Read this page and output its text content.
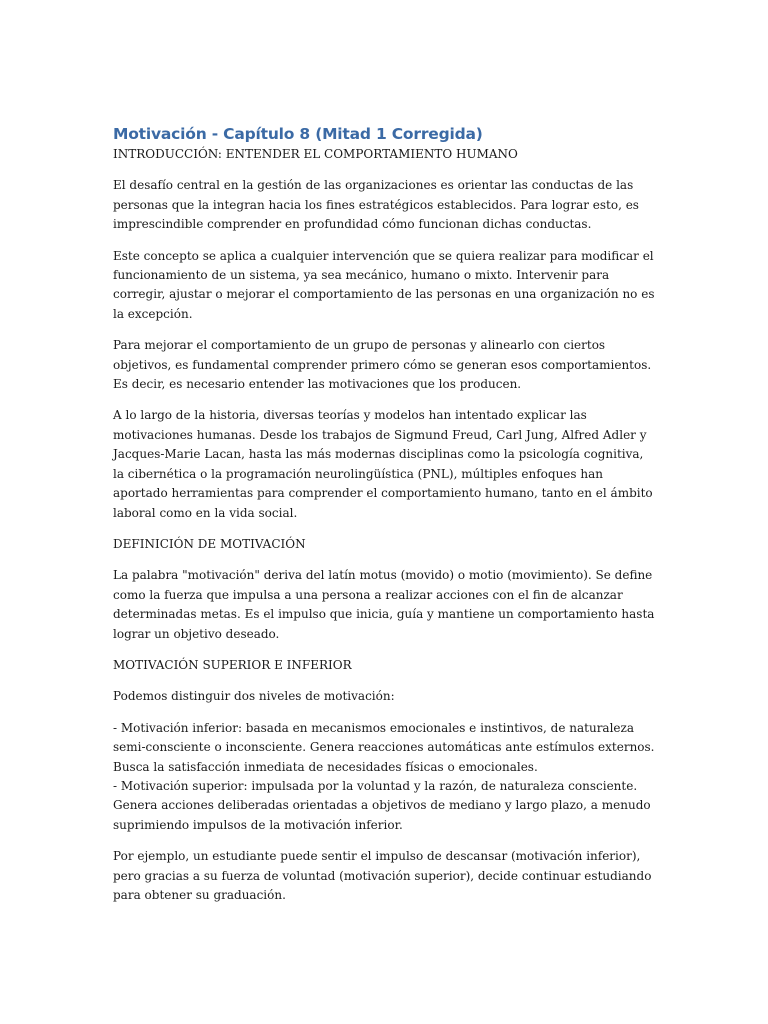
Motivación - Capítulo 8 (Mitad 1 Corregida)
INTRODUCCIÓN: ENTENDER EL COMPORTAMIENTO HUMANO

El desafío central en la gestión de las organizaciones es orientar las conductas de las personas que la integran hacia los fines estratégicos establecidos. Para lograr esto, es imprescindible comprender en profundidad cómo funcionan dichas conductas.

Este concepto se aplica a cualquier intervención que se quiera realizar para modificar el funcionamiento de un sistema, ya sea mecánico, humano o mixto. Intervenir para corregir, ajustar o mejorar el comportamiento de las personas en una organización no es la excepción.

Para mejorar el comportamiento de un grupo de personas y alinearlo con ciertos objetivos, es fundamental comprender primero cómo se generan esos comportamientos. Es decir, es necesario entender las motivaciones que los producen.

A lo largo de la historia, diversas teorías y modelos han intentado explicar las motivaciones humanas. Desde los trabajos de Sigmund Freud, Carl Jung, Alfred Adler y Jacques-Marie Lacan, hasta las más modernas disciplinas como la psicología cognitiva, la cibernética o la programación neurolingüística (PNL), múltiples enfoques han aportado herramientas para comprender el comportamiento humano, tanto en el ámbito laboral como en la vida social.

DEFINICIÓN DE MOTIVACIÓN

La palabra "motivación" deriva del latín motus (movido) o motio (movimiento). Se define como la fuerza que impulsa a una persona a realizar acciones con el fin de alcanzar determinadas metas. Es el impulso que inicia, guía y mantiene un comportamiento hasta lograr un objetivo deseado.

MOTIVACIÓN SUPERIOR E INFERIOR

Podemos distinguir dos niveles de motivación:

- Motivación inferior: basada en mecanismos emocionales e instintivos, de naturaleza semi-consciente o inconsciente. Genera reacciones automáticas ante estímulos externos. Busca la satisfacción inmediata de necesidades físicas o emocionales.
- Motivación superior: impulsada por la voluntad y la razón, de naturaleza consciente. Genera acciones deliberadas orientadas a objetivos de mediano y largo plazo, a menudo suprimiendo impulsos de la motivación inferior.

Por ejemplo, un estudiante puede sentir el impulso de descansar (motivación inferior), pero gracias a su fuerza de voluntad (motivación superior), decide continuar estudiando para obtener su graduación.
